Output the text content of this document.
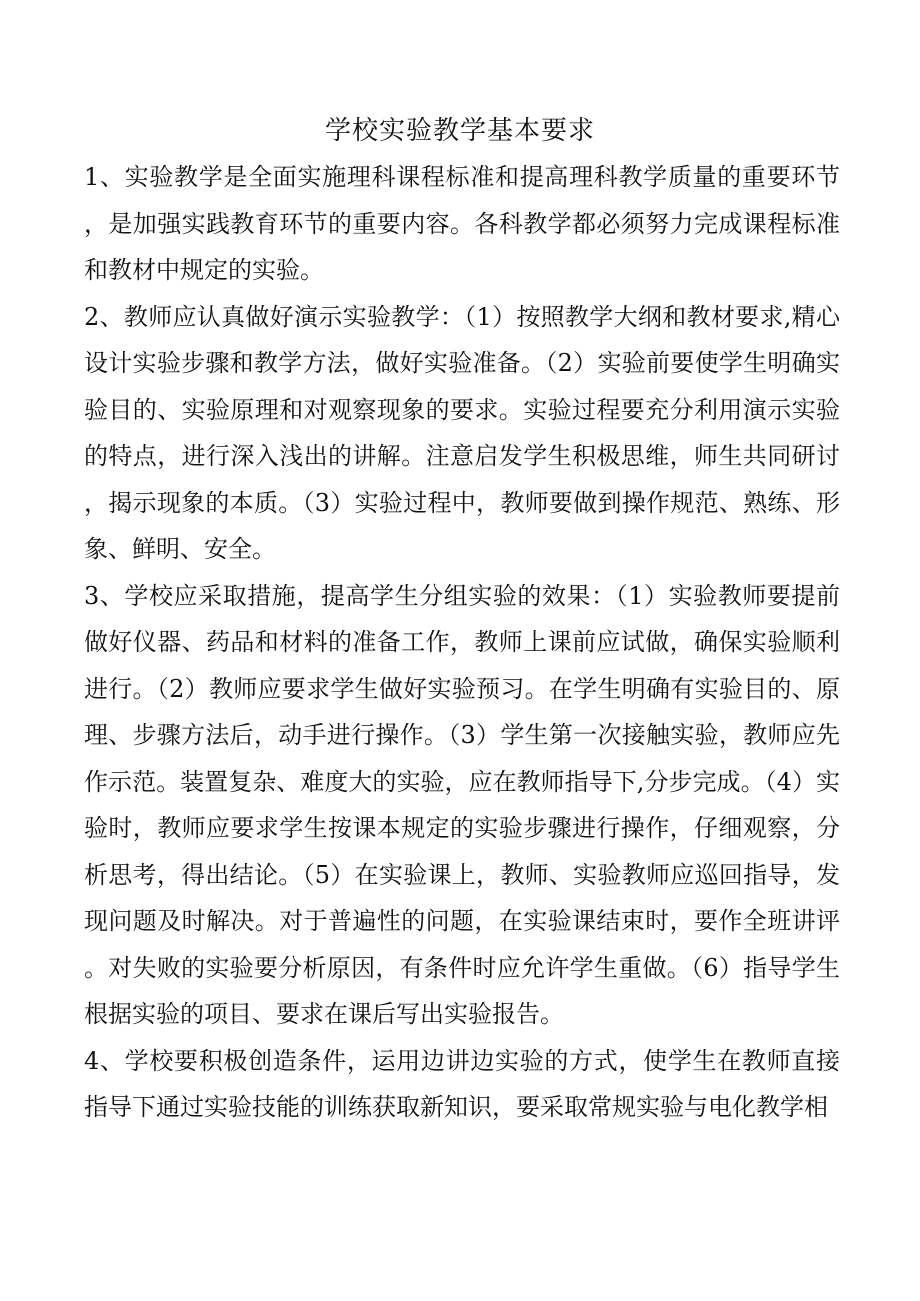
学校实验教学基本要求

1、实验教学是全面实施理科课程标准和提高理科教学质量的重要环节，是加强实践教育环节的重要内容。各科教学都必须努力完成课程标准和教材中规定的实验。

2、教师应认真做好演示实验教学：（1）按照教学大纲和教材要求,精心设计实验步骤和教学方法，做好实验准备。（2）实验前要使学生明确实验目的、实验原理和对观察现象的要求。实验过程要充分利用演示实验的特点，进行深入浅出的讲解。注意启发学生积极思维，师生共同研讨，揭示现象的本质。（3）实验过程中，教师要做到操作规范、熟练、形象、鲜明、安全。

3、学校应采取措施，提高学生分组实验的效果：（1）实验教师要提前做好仪器、药品和材料的准备工作，教师上课前应试做，确保实验顺利进行。（2）教师应要求学生做好实验预习。在学生明确有实验目的、原理、步骤方法后，动手进行操作。（3）学生第一次接触实验，教师应先作示范。装置复杂、难度大的实验，应在教师指导下,分步完成。（4）实验时，教师应要求学生按课本规定的实验步骤进行操作，仔细观察，分析思考，得出结论。（5）在实验课上，教师、实验教师应巡回指导，发现问题及时解决。对于普遍性的问题，在实验课结束时，要作全班讲评。对失败的实验要分析原因，有条件时应允许学生重做。（6）指导学生根据实验的项目、要求在课后写出实验报告。

4、学校要积极创造条件，运用边讲边实验的方式，使学生在教师直接指导下通过实验技能的训练获取新知识，要采取常规实验与电化教学相
